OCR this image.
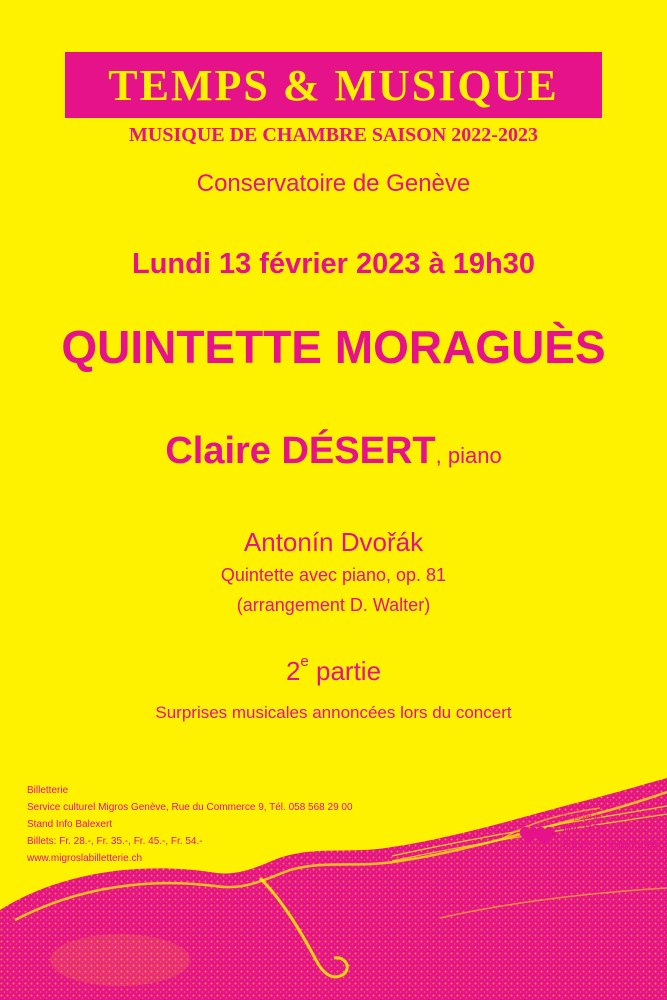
TEMPS & MUSIQUE
MUSIQUE DE CHAMBRE SAISON 2022-2023
Conservatoire de Genève
Lundi 13 février 2023 à 19h30
QUINTETTE MORAGUÈS
Claire DÉSERT, piano
Antonín Dvořák
Quintette avec piano, op. 81
(arrangement D. Walter)
2e partie
Surprises musicales annoncées lors du concert
Billetterie
Service culturel Migros Genève, Rue du Commerce 9, Tél. 058 568 29 00
Stand Info Balexert
Billets: Fr. 28.-, Fr. 35.-, Fr. 45.-, Fr. 54.-
www.migroslabilletterie.ch
Un projet du
MIGROS
Pour-cent culturel
